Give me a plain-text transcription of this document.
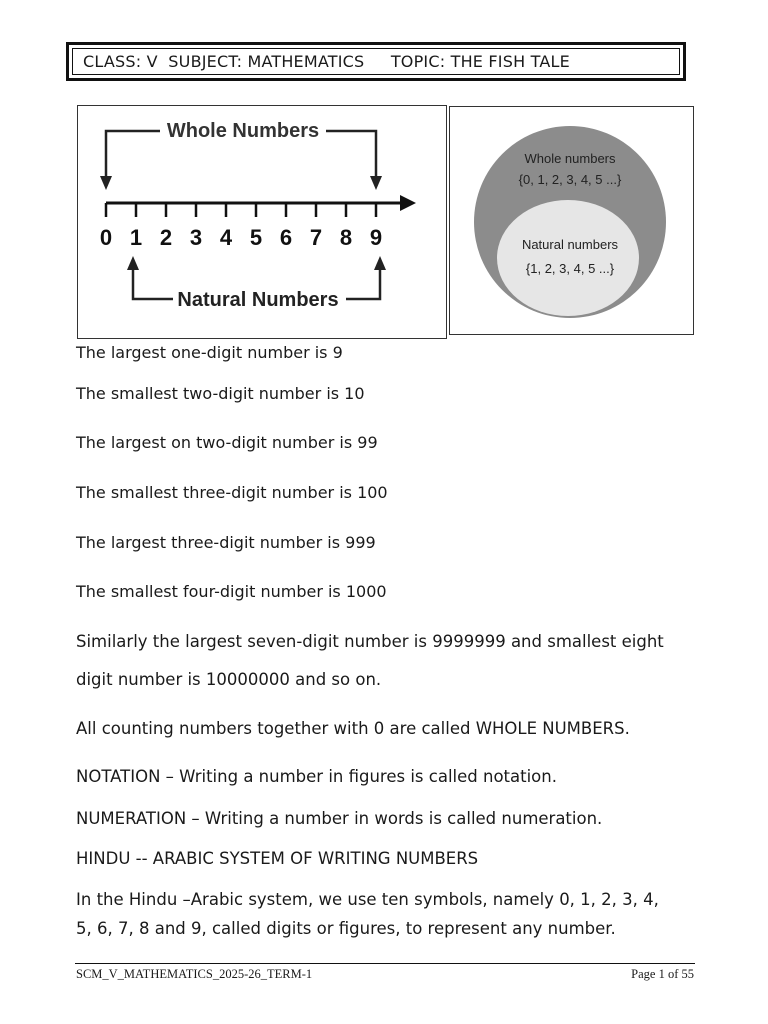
CLASS: V  SUBJECT: MATHEMATICS     TOPIC: THE FISH TALE
Whole Numbers
0 1 2 3 4 5 6 7 8 9
Natural Numbers
Whole numbers
{0, 1, 2, 3, 4, 5 ...}
Natural numbers
{1, 2, 3, 4, 5 ...}
The largest one-digit number is 9
The smallest two-digit number is 10
The largest on two-digit number is 99
The smallest three-digit number is 100
The largest three-digit number is 999
The smallest four-digit number is 1000
Similarly the largest seven-digit number is 9999999 and smallest eight
digit number is 10000000 and so on.
All counting numbers together with 0 are called WHOLE NUMBERS.
NOTATION – Writing a number in figures is called notation.
NUMERATION – Writing a number in words is called numeration.
HINDU -- ARABIC SYSTEM OF WRITING NUMBERS
In the Hindu –Arabic system, we use ten symbols, namely 0, 1, 2, 3, 4,
5, 6, 7, 8 and 9, called digits or figures, to represent any number.
SCM_V_MATHEMATICS_2025-26_TERM-1	Page 1 of 55
